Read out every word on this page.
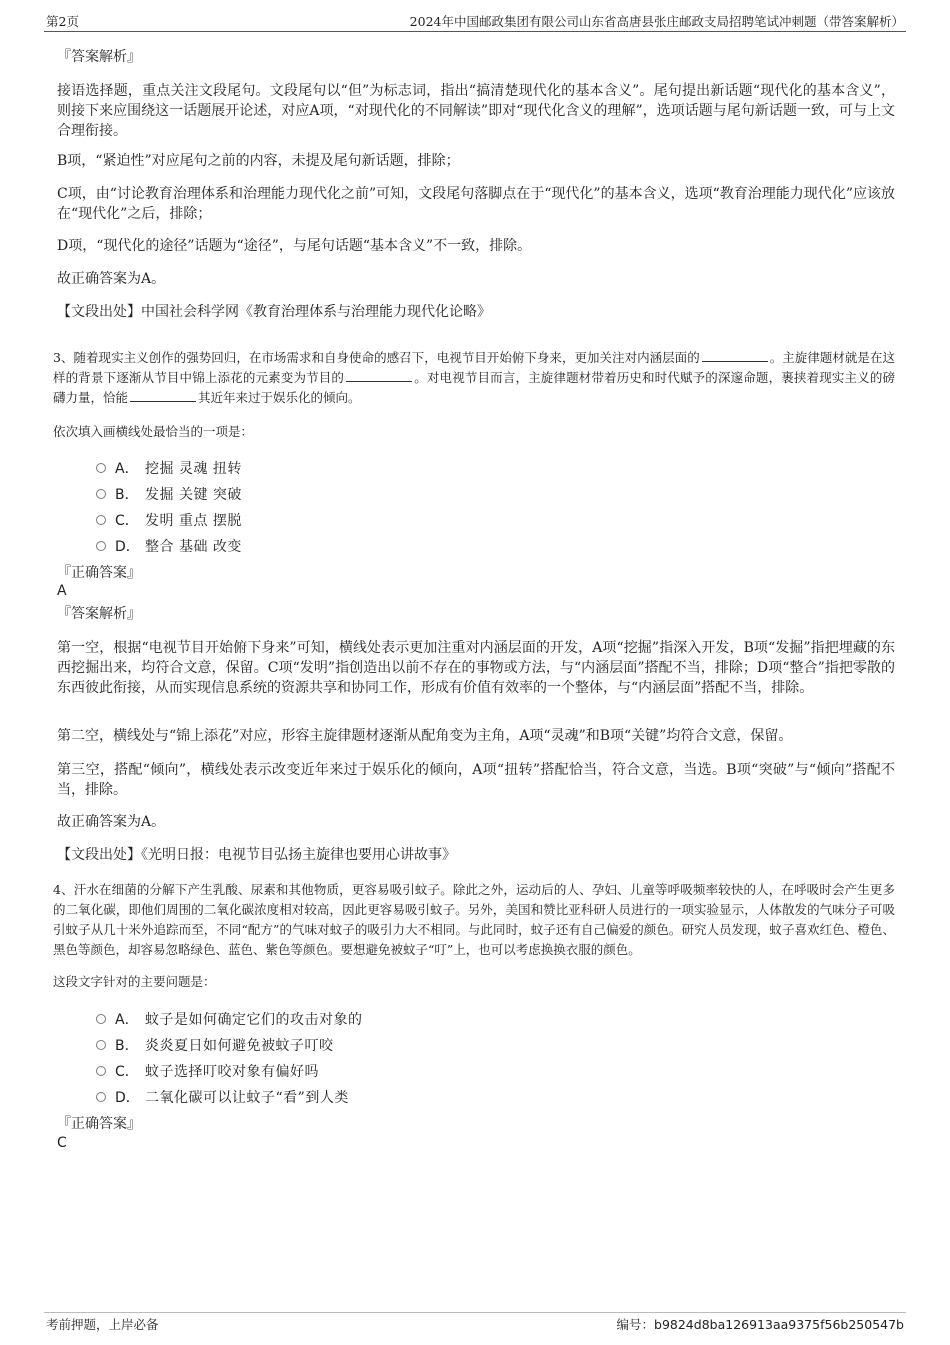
第2页	2024年中国邮政集团有限公司山东省高唐县张庄邮政支局招聘笔试冲刺题（带答案解析）
『答案解析』
接语选择题，重点关注文段尾句。文段尾句以“但”为标志词，指出“搞清楚现代化的基本含义”。尾句提出新话题“现代化的基本含义”，则接下来应围绕这一话题展开论述，对应A项，“对现代化的不同解读”即对“现代化含义的理解”，选项话题与尾句新话题一致，可与上文合理衔接。
B项，“紧迫性”对应尾句之前的内容，未提及尾句新话题，排除；
C项，由“讨论教育治理体系和治理能力现代化之前”可知，文段尾句落脚点在于“现代化”的基本含义，选项“教育治理能力现代化”应该放在“现代化”之后，排除；
D项，“现代化的途径”话题为“途径”，与尾句话题“基本含义”不一致，排除。
故正确答案为A。
【文段出处】中国社会科学网《教育治理体系与治理能力现代化论略》
3、随着现实主义创作的强势回归，在市场需求和自身使命的感召下，电视节目开始俯下身来，更加关注对内涵层面的	。主旋律题材就是在这样的背景下逐渐从节目中锦上添花的元素变为节目的	。对电视节目而言，主旋律题材带着历史和时代赋予的深邃命题，裹挟着现实主义的磅礴力量，恰能	其近年来过于娱乐化的倾向。
依次填入画横线处最恰当的一项是：
A． 挖掘 灵魂 扭转
B． 发掘 关键 突破
C． 发明 重点 摆脱
D． 整合 基础 改变
『正确答案』
A
『答案解析』
第一空，根据“电视节目开始俯下身来”可知，横线处表示更加注重对内涵层面的开发，A项“挖掘”指深入开发，B项“发掘”指把埋藏的东西挖掘出来，均符合文意，保留。C项“发明”指创造出以前不存在的事物或方法，与“内涵层面”搭配不当，排除；D项“整合”指把零散的东西彼此衔接，从而实现信息系统的资源共享和协同工作，形成有价值有效率的一个整体，与“内涵层面”搭配不当，排除。
第二空，横线处与“锦上添花”对应，形容主旋律题材逐渐从配角变为主角，A项“灵魂”和B项“关键”均符合文意，保留。
第三空，搭配“倾向”，横线处表示改变近年来过于娱乐化的倾向，A项“扭转”搭配恰当，符合文意，当选。B项“突破”与“倾向”搭配不当，排除。
故正确答案为A。
【文段出处】《光明日报：电视节目弘扬主旋律也要用心讲故事》
4、汗水在细菌的分解下产生乳酸、尿素和其他物质，更容易吸引蚊子。除此之外，运动后的人、孕妇、儿童等呼吸频率较快的人，在呼吸时会产生更多的二氧化碳，即他们周围的二氧化碳浓度相对较高，因此更容易吸引蚊子。另外，美国和赞比亚科研人员进行的一项实验显示，人体散发的气味分子可吸引蚊子从几十米外追踪而至，不同“配方”的气味对蚊子的吸引力大不相同。与此同时，蚊子还有自己偏爱的颜色。研究人员发现，蚊子喜欢红色、橙色、黑色等颜色，却容易忽略绿色、蓝色、紫色等颜色。要想避免被蚊子“叮”上，也可以考虑换换衣服的颜色。
这段文字针对的主要问题是：
A． 蚊子是如何确定它们的攻击对象的
B． 炎炎夏日如何避免被蚊子叮咬
C． 蚊子选择叮咬对象有偏好吗
D． 二氧化碳可以让蚊子“看”到人类
『正确答案』
C
考前押题，上岸必备	编号：b9824d8ba126913aa9375f56b250547b
